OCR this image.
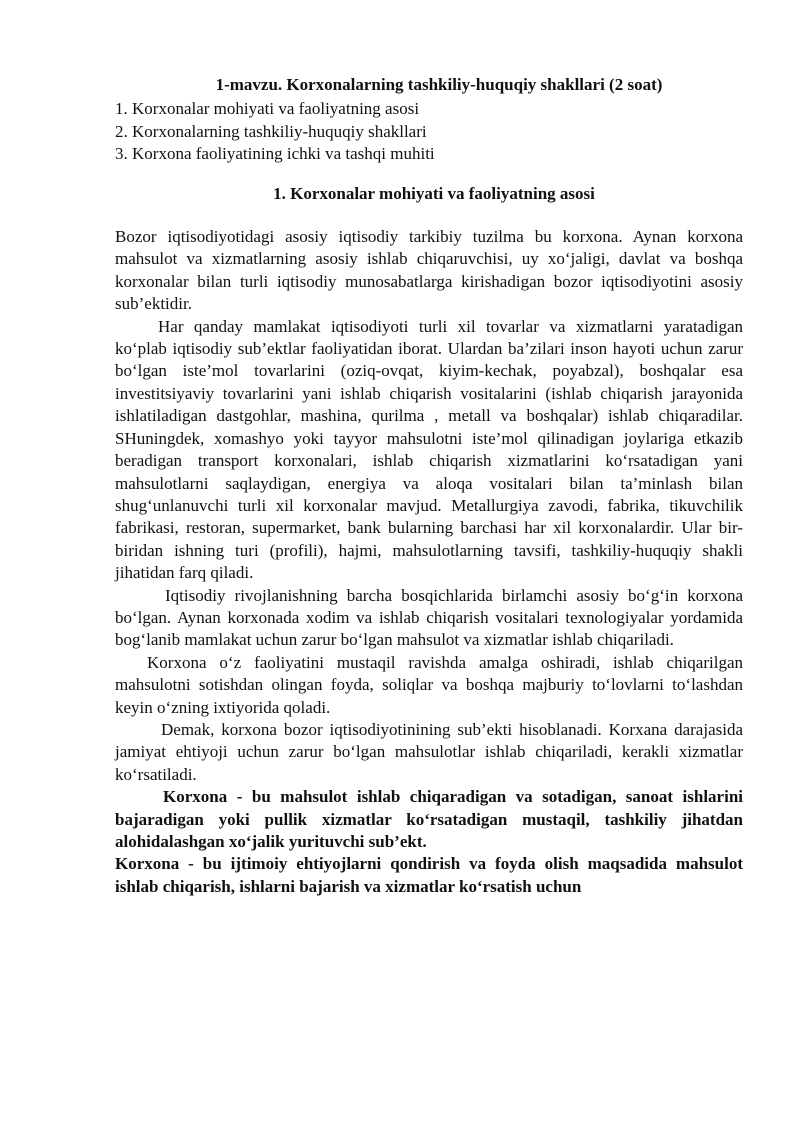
1-mavzu. Korxonalarning tashkiliy-huquqiy shakllari (2 soat)
1. Korxonalar mohiyati va faoliyatning asosi
2. Korxonalarning tashkiliy-huquqiy shakllari
3. Korxona faoliyatining ichki va tashqi muhiti
1. Korxonalar mohiyati va faoliyatning asosi

Bozor iqtisodiyotidagi asosiy iqtisodiy tarkibiy tuzilma bu korxona. Aynan korxona mahsulot va xizmatlarning asosiy ishlab chiqaruvchisi, uy xo‘jaligi, davlat va boshqa korxonalar bilan turli iqtisodiy munosabatlarga kirishadigan bozor iqtisodiyotini asosiy sub’ektidir.

Har qanday mamlakat iqtisodiyoti turli xil tovarlar va xizmatlarni yaratadigan ko‘plab iqtisodiy sub’ektlar faoliyatidan iborat. Ulardan ba’zilari inson hayoti uchun zarur bo‘lgan iste’mol tovarlarini (oziq-ovqat, kiyim-kechak, poyabzal), boshqalar esa investitsiyaviy tovarlarini yani ishlab chiqarish vositalarini (ishlab chiqarish jarayonida ishlatiladigan dastgohlar, mashina, qurilma , metall va boshqalar) ishlab chiqaradilar. SHuningdek, xomashyo yoki tayyor mahsulotni iste’mol qilinadigan joylariga etkazib beradigan transport korxonalari, ishlab chiqarish xizmatlarini ko‘rsatadigan yani mahsulotlarni saqlaydigan, energiya va aloqa vositalari bilan ta’minlash bilan shug‘unlanuvchi turli xil korxonalar mavjud. Metallurgiya zavodi, fabrika, tikuvchilik fabrikasi, restoran, supermarket, bank bularning barchasi har xil korxonalardir. Ular bir-biridan ishning turi (profili), hajmi, mahsulotlarning tavsifi, tashkiliy-huquqiy shakli jihatidan farq qiladi.

Iqtisodiy rivojlanishning barcha bosqichlarida birlamchi asosiy bo‘g‘in korxona bo‘lgan. Aynan korxonada xodim va ishlab chiqarish vositalari texnologiyalar yordamida bog‘lanib mamlakat uchun zarur bo‘lgan mahsulot va xizmatlar ishlab chiqariladi.

Korxona o‘z faoliyatini mustaqil ravishda amalga oshiradi, ishlab chiqarilgan mahsulotni sotishdan olingan foyda, soliqlar va boshqa majburiy to‘lovlarni to‘lashdan keyin o‘zning ixtiyorida qoladi.

Demak, korxona bozor iqtisodiyotinining sub’ekti hisoblanadi. Korxana darajasida jamiyat ehtiyoji uchun zarur bo‘lgan mahsulotlar ishlab chiqariladi, kerakli xizmatlar ko‘rsatiladi.

Korxona - bu mahsulot ishlab chiqaradigan va sotadigan, sanoat ishlarini bajaradigan yoki pullik xizmatlar ko‘rsatadigan mustaqil, tashkiliy jihatdan alohidalashgan xo‘jalik yurituvchi sub’ekt.

Korxona - bu ijtimoiy ehtiyojlarni qondirish va foyda olish maqsadida mahsulot ishlab chiqarish, ishlarni bajarish va xizmatlar ko‘rsatish uchun
